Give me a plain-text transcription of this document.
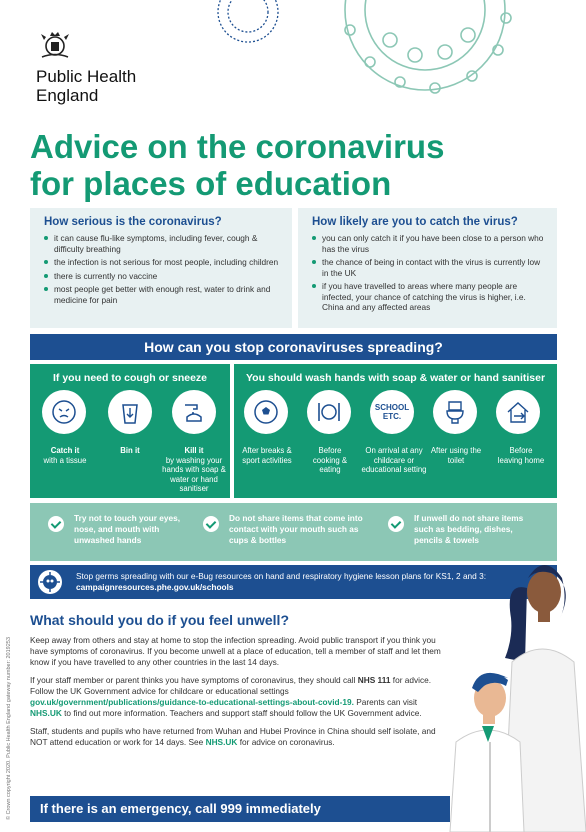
Public Health
England
Advice on the coronavirus
for places of education
How serious is the coronavirus?
it can cause flu-like symptoms, including fever, cough & difficulty breathing
the infection is not serious for most people, including children
there is currently no vaccine
most people get better with enough rest, water to drink and medicine for pain
How likely are you to catch the virus?
you can only catch it if you have been close to a person who has the virus
the chance of being in contact with the virus is currently low in the UK
if you have travelled to areas where many people are infected, your chance of catching the virus is higher, i.e. China and any affected areas
How can you stop coronaviruses spreading?
If you need to cough or sneeze	You should wash hands with soap & water or hand sanitiser
Catch it
with a tissue
Bin it	Kill it
by washing your hands with soap & water or hand sanitiser
SCHOOL ETC.
After breaks & sport activities
Before cooking & eating
On arrival at any childcare or educational setting
After using the toilet
Before leaving home
Try not to touch your eyes, nose, and mouth with unwashed hands
Do not share items that come into contact with your mouth such as cups & bottles
If unwell do not share items such as bedding, dishes, pencils & towels
Stop germs spreading with our e-Bug resources on hand and respiratory hygiene lesson plans for KS1, 2 and 3: campaignresources.phe.gov.uk/schools
What should you do if you feel unwell?

Keep away from others and stay at home to stop the infection spreading. Avoid public transport if you think you have symptoms of coronavirus. If you become unwell at a place of education, tell a member of staff and let them know if you have travelled to any other countries in the last 14 days.

If your staff member or parent thinks you have symptoms of coronavirus, they should call NHS 111 for advice. Follow the UK Government advice for childcare or educational settings gov.uk/government/publications/guidance-to-educational-settings-about-covid-19. Parents can visit NHS.UK to find out more information. Teachers and support staff should follow the UK Government advice.

Staff, students and pupils who have returned from Wuhan and Hubei Province in China should self isolate, and NOT attend education or work for 14 days. See NHS.UK for advice on coronavirus.

If there is an emergency, call 999 immediately
© Crown copyright 2020. Public Health England gateway number: 2019253
